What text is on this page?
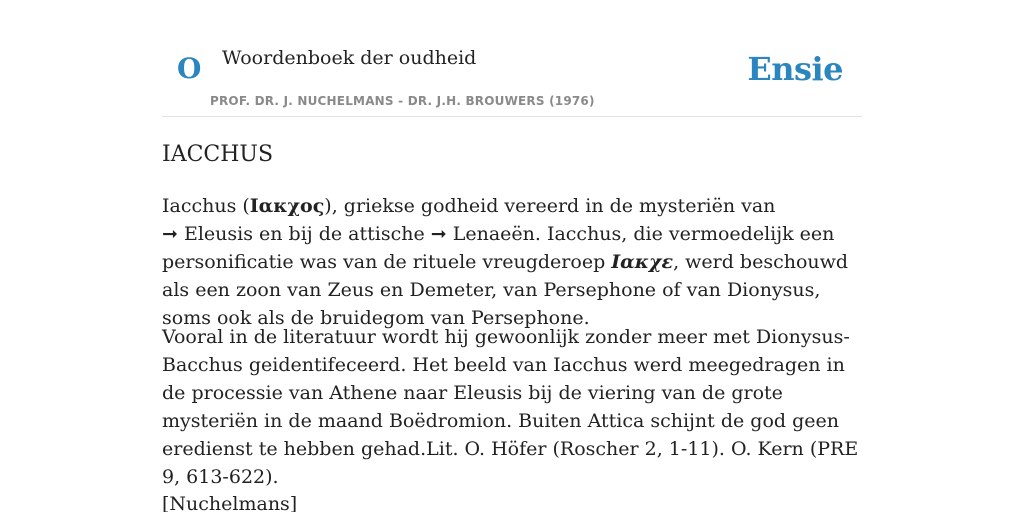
O Woordenboek der oudheid
PROF. DR. J. NUCHELMANS - DR. J.H. BROUWERS (1976)
Ensie
IACCHUS

Iacchus (Ιακχος), griekse godheid vereerd in de mysteriën van ➞ Eleusis en bij de attische ➞ Lenaeën. Iacchus, die vermoedelijk een personificatie was van de rituele vreugderoep Ιακχε, werd beschouwd als een zoon van Zeus en Demeter, van Persephone of van Dionysus, soms ook als de bruidegom van Persephone.

Vooral in de literatuur wordt hij gewoonlijk zonder meer met Dionysus-Bacchus geidentifeceerd. Het beeld van Iacchus werd meegedragen in de processie van Athene naar Eleusis bij de viering van de grote mysteriën in de maand Boëdromion. Buiten Attica schijnt de god geen eredienst te hebben gehad.Lit. O. Höfer (Roscher 2, 1-11). O. Kern (PRE 9, 613-622).

[Nuchelmans]
